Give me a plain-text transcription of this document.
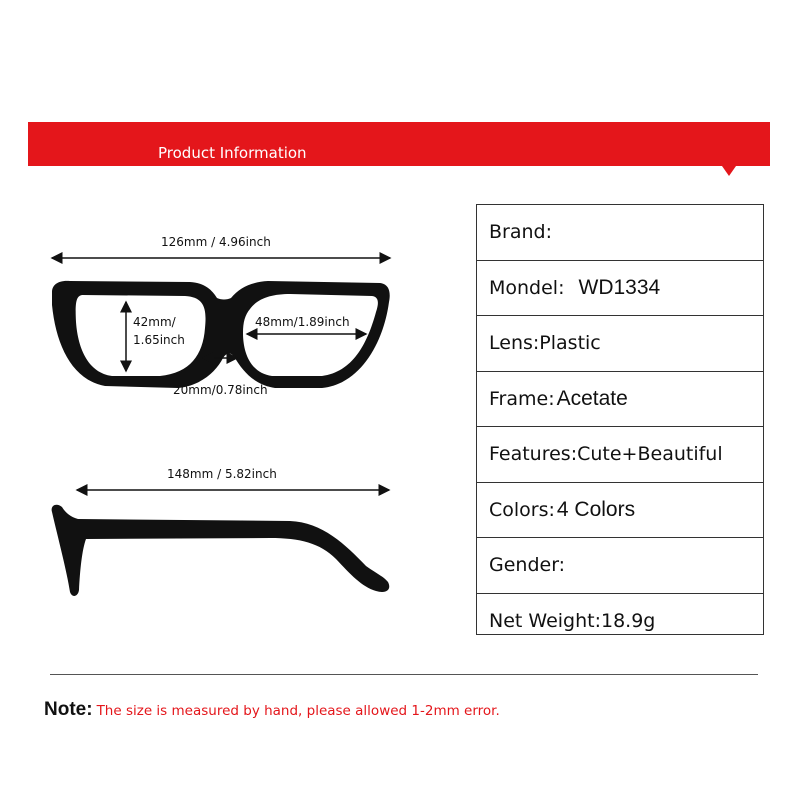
Product Information
126mm / 4.96inch
42mm/
1.65inch
48mm/1.89inch
20mm/0.78inch
148mm / 5.82inch
Brand:
Mondel: WD1334
Lens: Plastic
Frame: Acetate
Features: Cute+Beautiful
Colors: 4 Colors
Gender:
Net Weight: 18.9g
Note: The size is measured by hand, please allowed 1-2mm error.
